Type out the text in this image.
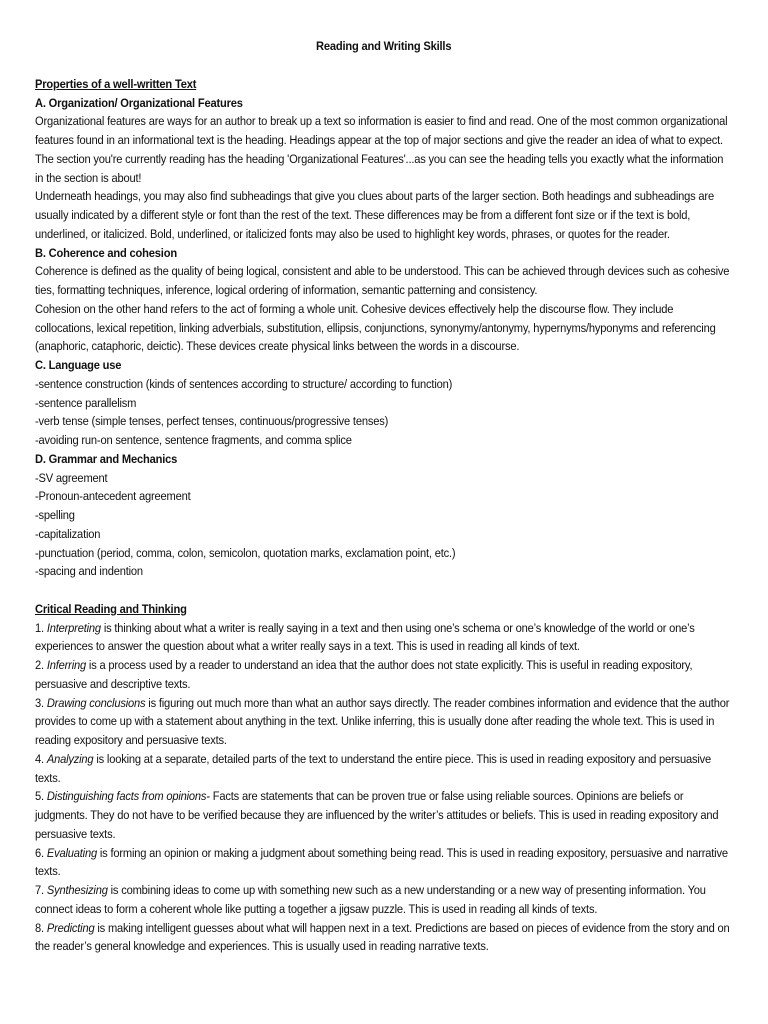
Reading and Writing Skills

Properties of a well-written Text

A. Organization/ Organizational Features

Organizational features are ways for an author to break up a text so information is easier to find and read. One of the most common organizational features found in an informational text is the heading. Headings appear at the top of major sections and give the reader an idea of what to expect. The section you're currently reading has the heading 'Organizational Features'...as you can see the heading tells you exactly what the information in the section is about!

Underneath headings, you may also find subheadings that give you clues about parts of the larger section. Both headings and subheadings are usually indicated by a different style or font than the rest of the text. These differences may be from a different font size or if the text is bold, underlined, or italicized. Bold, underlined, or italicized fonts may also be used to highlight key words, phrases, or quotes for the reader.

B. Coherence and cohesion

Coherence is defined as the quality of being logical, consistent and able to be understood. This can be achieved through devices such as cohesive ties, formatting techniques, inference, logical ordering of information, semantic patterning and consistency.

Cohesion on the other hand refers to the act of forming a whole unit. Cohesive devices effectively help the discourse flow. They include collocations, lexical repetition, linking adverbials, substitution, ellipsis, conjunctions, synonymy/antonymy, hypernyms/hyponyms and referencing (anaphoric, cataphoric, deictic). These devices create physical links between the words in a discourse.

C. Language use

-sentence construction (kinds of sentences according to structure/ according to function)

-sentence parallelism

-verb tense (simple tenses, perfect tenses, continuous/progressive tenses)

-avoiding run-on sentence, sentence fragments, and comma splice

D. Grammar and Mechanics

-SV agreement

-Pronoun-antecedent agreement

-spelling

-capitalization

-punctuation (period, comma, colon, semicolon, quotation marks, exclamation point, etc.)

-spacing and indention

Critical Reading and Thinking

1. Interpreting is thinking about what a writer is really saying in a text and then using one’s schema or one’s knowledge of the world or one’s experiences to answer the question about what a writer really says in a text. This is used in reading all kinds of text.

2. Inferring is a process used by a reader to understand an idea that the author does not state explicitly. This is useful in reading expository, persuasive and descriptive texts.

3. Drawing conclusions is figuring out much more than what an author says directly. The reader combines information and evidence that the author provides to come up with a statement about anything in the text. Unlike inferring, this is usually done after reading the whole text. This is used in reading expository and persuasive texts.

4. Analyzing is looking at a separate, detailed parts of the text to understand the entire piece. This is used in reading expository and persuasive texts.

5. Distinguishing facts from opinions- Facts are statements that can be proven true or false using reliable sources. Opinions are beliefs or judgments. They do not have to be verified because they are influenced by the writer’s attitudes or beliefs. This is used in reading expository and persuasive texts.

6. Evaluating is forming an opinion or making a judgment about something being read. This is used in reading expository, persuasive and narrative texts.

7. Synthesizing is combining ideas to come up with something new such as a new understanding or a new way of presenting information. You connect ideas to form a coherent whole like putting a together a jigsaw puzzle. This is used in reading all kinds of texts.

8. Predicting is making intelligent guesses about what will happen next in a text. Predictions are based on pieces of evidence from the story and on the reader’s general knowledge and experiences. This is usually used in reading narrative texts.
